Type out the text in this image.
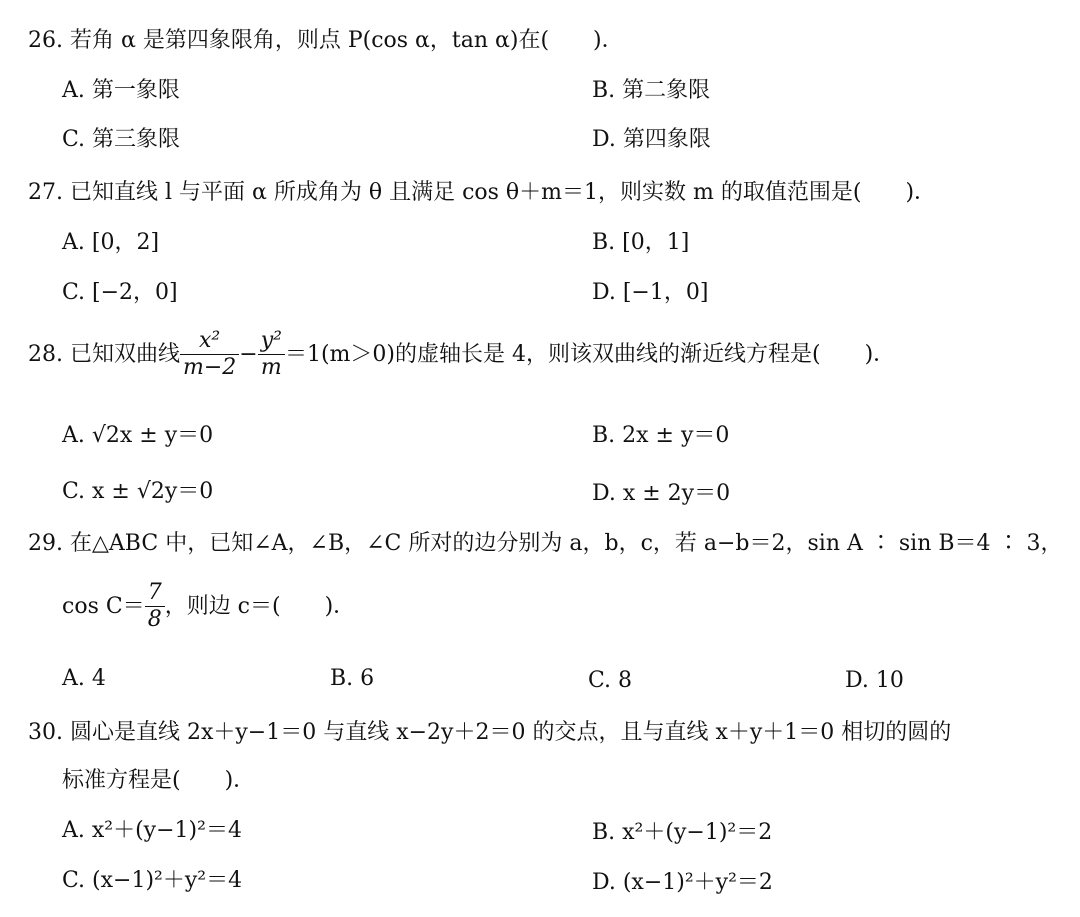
26. 若角 α 是第四象限角，则点 P(cos α，tan α)在(　　)．
A. 第一象限	B. 第二象限
C. 第三象限	D. 第四象限
27. 已知直线 l 与平面 α 所成角为 θ 且满足 cos θ＋m＝1，则实数 m 的取值范围是(　　)．
A. [0，2]	B. [0，1]
C. [−2，0]	D. [−1，0]
28. 已知双曲线 $\frac{\text{x²}}{m-2} - \frac{\text{y²}}{m} =1(m>0)$的虚轴长是 4，则该双曲线的渐近线方程是(　　)．
A. √2x ± y＝0	B. 2x ± y＝0
C. x ± √2y＝0	D. x ± 2y＝0
29. 在△ABC 中，已知∠A，∠B，∠C 所对的边分别为 a，b，c，若 a−b＝2，sin A ∶ sin B＝4 ∶ 3，
$\cos C= \frac{7}{8}$ ，则边 c＝(　　)．
A. 4	B. 6	C. 8	D. 10
30. 圆心是直线 2x＋y−1＝0 与直线 x−2y＋2＝0 的交点，且与直线 x＋y＋1＝0 相切的圆的
标准方程是(　　)．
A. x²＋(y−1)²＝4	B. x²＋(y−1)²＝2
C. (x−1)²＋y²＝4	D. (x−1)²＋y²＝2
